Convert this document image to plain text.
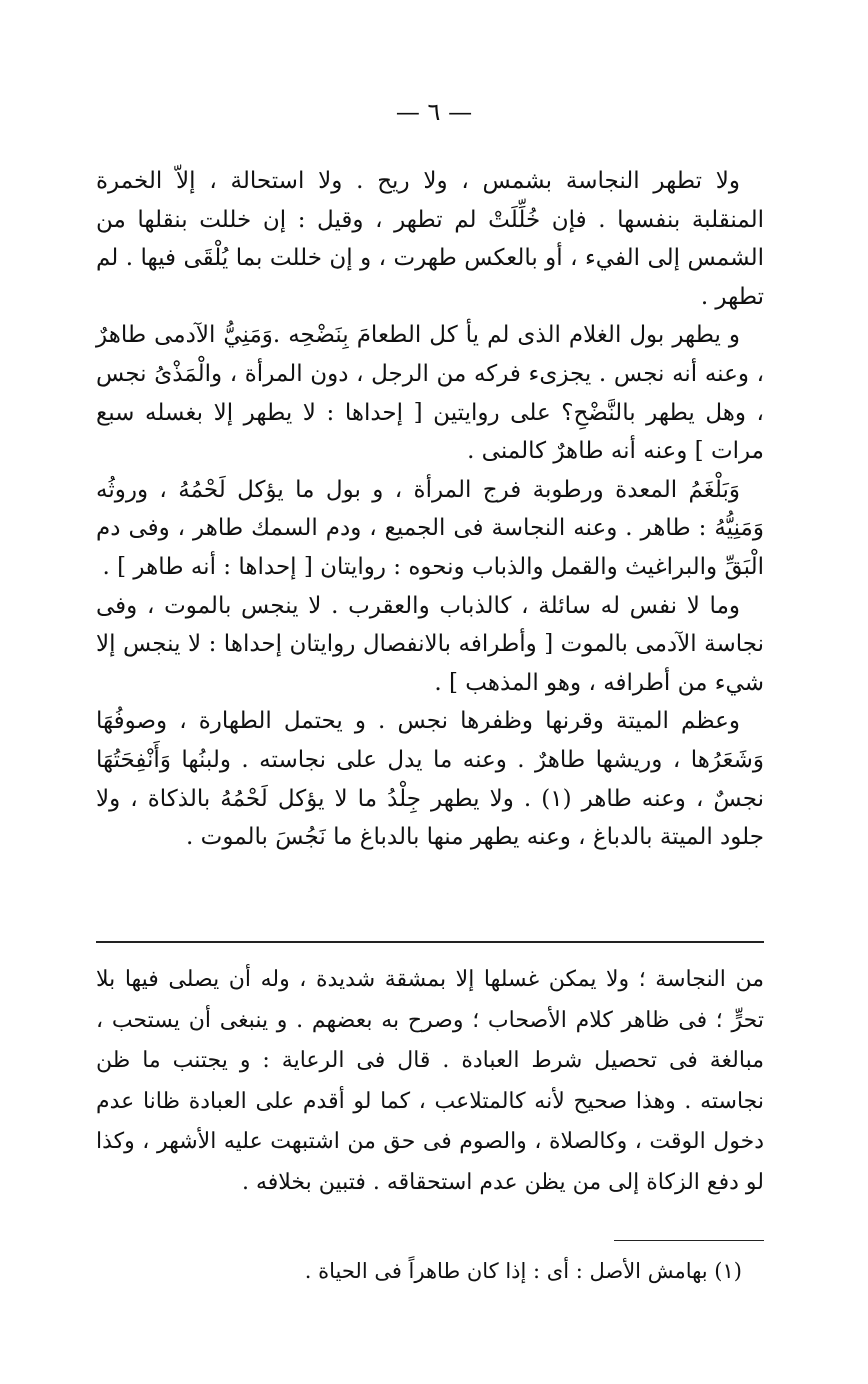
— ٦ —

ولا تطهر النجاسة بشمس ، ولا ريح . ولا استحالة ، إلاّ الخمرة المنقلبة بنفسها . فإن خُلِّلَتْ لم تطهر ، وقيل : إن خللت بنقلها من الشمس إلى الفيء ، أو بالعكس طهرت ، و إن خللت بما يُلْقَى فيها . لم تطهر .

و يطهر بول الغلام الذى لم يأ كل الطعامَ بِنَضْحِه .وَمَنِيُّ الآدمى طاهرٌ ، وعنه أنه نجس . يجزىء فركه من الرجل ، دون المرأة ، والْمَذْىُ نجس ، وهل يطهر بالنَّضْحِ؟ على روايتين [ إحداها : لا يطهر إلا بغسله سبع مرات ] وعنه أنه طاهرٌ كالمنى .

وَبَلْغَمُ المعدة ورطوبة فرج المرأة ، و بول ما يؤكل لَحْمُهُ ، وروثُه وَمَنِيُّهُ : طاهر . وعنه النجاسة فى الجميع ، ودم السمك طاهر ، وفى دم الْبَقِّ والبراغيث والقمل والذباب ونحوه : روايتان [ إحداها : أنه طاهر ] .

وما لا نفس له سائلة ، كالذباب والعقرب . لا ينجس بالموت ، وفى نجاسة الآدمى بالموت [ وأطرافه بالانفصال روايتان إحداها : لا ينجس إلا شيء من أطرافه ، وهو المذهب ] .

وعظم الميتة وقرنها وظفرها نجس . و يحتمل الطهارة ، وصوفُهَا وَشَعَرُها ، وريشها طاهرٌ . وعنه ما يدل على نجاسته . ولبنُها وَأَنْفِحَتُهَا نجسٌ ، وعنه طاهر (١) . ولا يطهر جِلْدُ ما لا يؤكل لَحْمُهُ بالذكاة ، ولا جلود الميتة بالدباغ ، وعنه يطهر منها بالدباغ ما نَجُسَ بالموت .

من النجاسة ؛ ولا يمكن غسلها إلا بمشقة شديدة ، وله أن يصلى فيها بلا تحرٍّ ؛ فى ظاهر كلام الأصحاب ؛ وصرح به بعضهم . و ينبغى أن يستحب ، مبالغة فى تحصيل شرط العبادة . قال فى الرعاية : و يجتنب ما ظن نجاسته . وهذا صحيح لأنه كالمتلاعب ، كما لو أقدم على العبادة ظانا عدم دخول الوقت ، وكالصلاة ، والصوم فى حق من اشتبهت عليه الأشهر ، وكذا لو دفع الزكاة إلى من يظن عدم استحقاقه . فتبين بخلافه .

(١) بهامش الأصل : أى : إذا كان طاهراً فى الحياة .
